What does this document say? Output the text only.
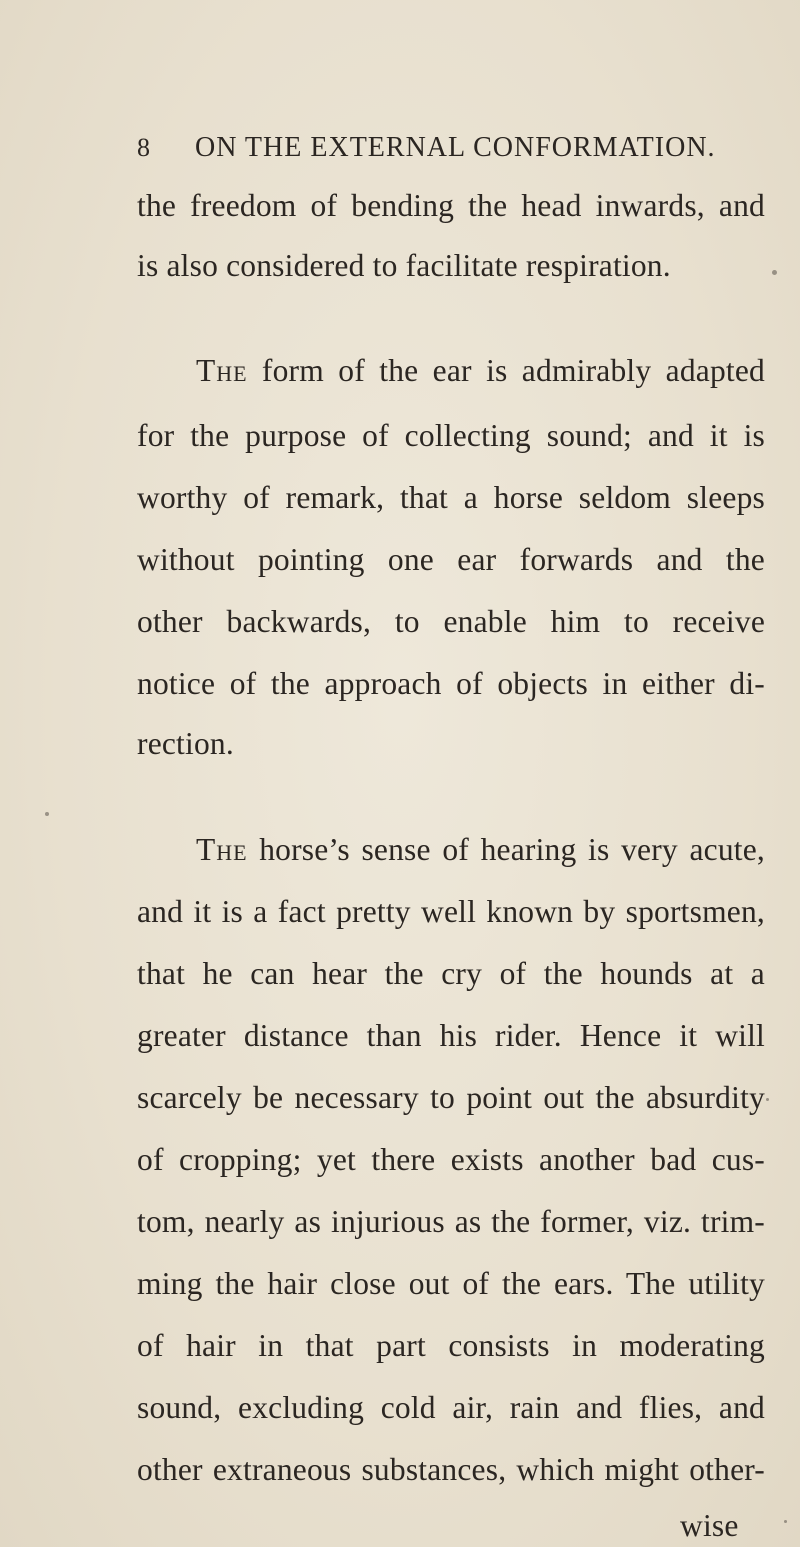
8 ON THE EXTERNAL CONFORMATION.
the freedom of bending the head inwards, and
is also considered to facilitate respiration.
The form of the ear is admirably adapted
for the purpose of collecting sound; and it is
worthy of remark, that a horse seldom sleeps
without pointing one ear forwards and the
other backwards, to enable him to receive
notice of the approach of objects in either di-
rection.
The horse’s sense of hearing is very acute,
and it is a fact pretty well known by sportsmen,
that he can hear the cry of the hounds at a
greater distance than his rider. Hence it will
scarcely be necessary to point out the absurdity
of cropping; yet there exists another bad cus-
tom, nearly as injurious as the former, viz. trim-
ming the hair close out of the ears. The utility
of hair in that part consists in moderating
sound, excluding cold air, rain and flies, and
other extraneous substances, which might other-
wise
